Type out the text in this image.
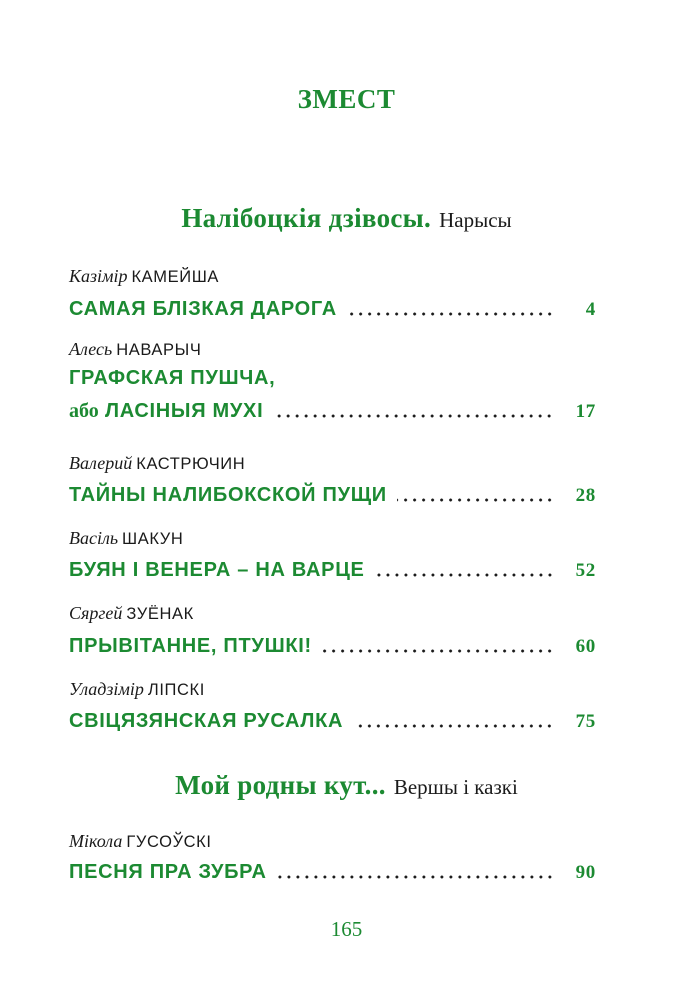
ЗМЕСТ
Налібоцкія дзівосы. Нарысы
Казімір КАМЕЙША
САМАЯ БЛІЗКАЯ ДАРОГА	4
Алесь НАВАРЫЧ
ГРАФСКАЯ ПУШЧА,
або ЛАСІНЫЯ МУХІ	17
Валерий КАСТРЮЧИН
ТАЙНЫ НАЛИБОКСКОЙ ПУЩИ	28
Васіль ШАКУН
БУЯН І ВЕНЕРА – НА ВАРЦЕ	52
Сяргей ЗУЁНАК
ПРЫВІТАННЕ, ПТУШКІ!	60
Уладзімір ЛІПСКІ
СВІЦЯЗЯНСКАЯ РУСАЛКА	75
Мой родны кут... Вершы і казкі
Мікола ГУСОЎСКІ
ПЕСНЯ ПРА ЗУБРА	90
165
